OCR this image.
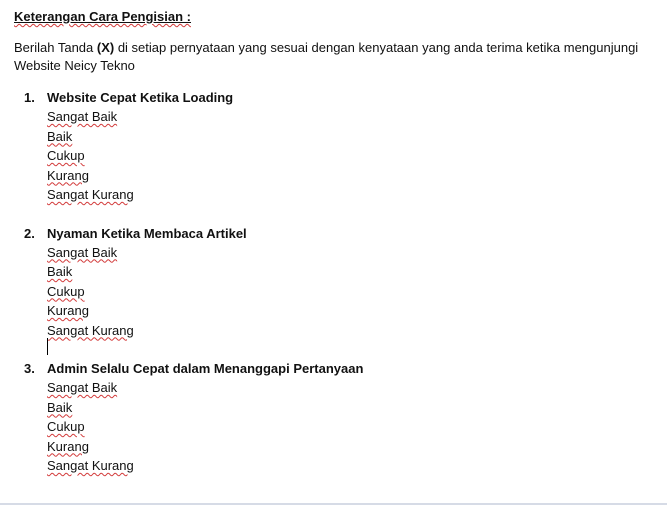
Keterangan Cara Pengisian :

Berilah Tanda (X) di setiap pernyataan yang sesuai dengan kenyataan yang anda terima ketika mengunjungi Website Neicy Tekno

1. Website Cepat Ketika Loading
Sangat Baik
Baik
Cukup
Kurang
Sangat Kurang
2. Nyaman Ketika Membaca Artikel
Sangat Baik
Baik
Cukup
Kurang
Sangat Kurang
3. Admin Selalu Cepat dalam Menanggapi Pertanyaan
Sangat Baik
Baik
Cukup
Kurang
Sangat Kurang
